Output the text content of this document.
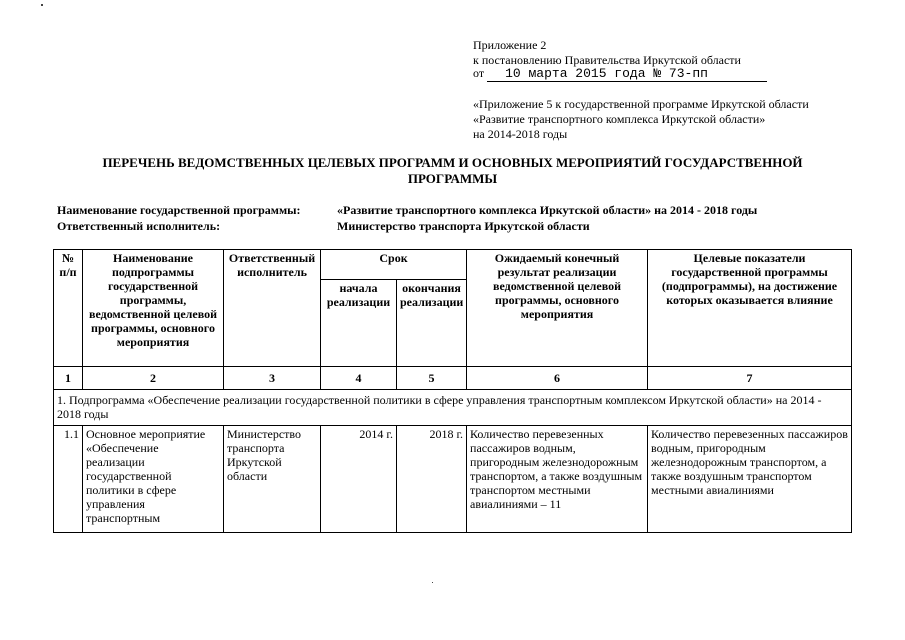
Приложение 2
к постановлению Правительства Иркутской области
от 10 марта 2015 года № 73-пп
«Приложение 5 к государственной программе Иркутской области
«Развитие транспортного комплекса Иркутской области»
на 2014-2018 годы
ПЕРЕЧЕНЬ ВЕДОМСТВЕННЫХ ЦЕЛЕВЫХ ПРОГРАММ И ОСНОВНЫХ МЕРОПРИЯТИЙ ГОСУДАРСТВЕННОЙ ПРОГРАММЫ
Наименование государственной программы:	«Развитие транспортного комплекса Иркутской области» на 2014 - 2018 годы
Ответственный исполнитель:	Министерство транспорта Иркутской области
№ п/п	Наименование подпрограммы государственной программы, ведомственной целевой программы, основного мероприятия	Ответственный исполнитель	Срок		Ожидаемый конечный результат реализации ведомственной целевой программы, основного мероприятия	Целевые показатели государственной программы (подпрограммы), на достижение которых оказывается влияние
			начала реализации	окончания реализации		
1	2	3	4	5	6	7
1. Подпрограмма «Обеспечение реализации государственной политики в сфере управления транспортным комплексом Иркутской области» на 2014 - 2018 годы						
1.1	Основное мероприятие «Обеспечение реализации государственной политики в сфере управления транспортным	Министерство транспорта Иркутской области	2014 г.	2018 г.	Количество перевезенных пассажиров водным, пригородным железнодорожным транспортом, а также воздушным транспортом местными авиалиниями – 11	Количество перевезенных пассажиров водным, пригородным железнодорожным транспортом, а также воздушным транспортом местными авиалиниями
